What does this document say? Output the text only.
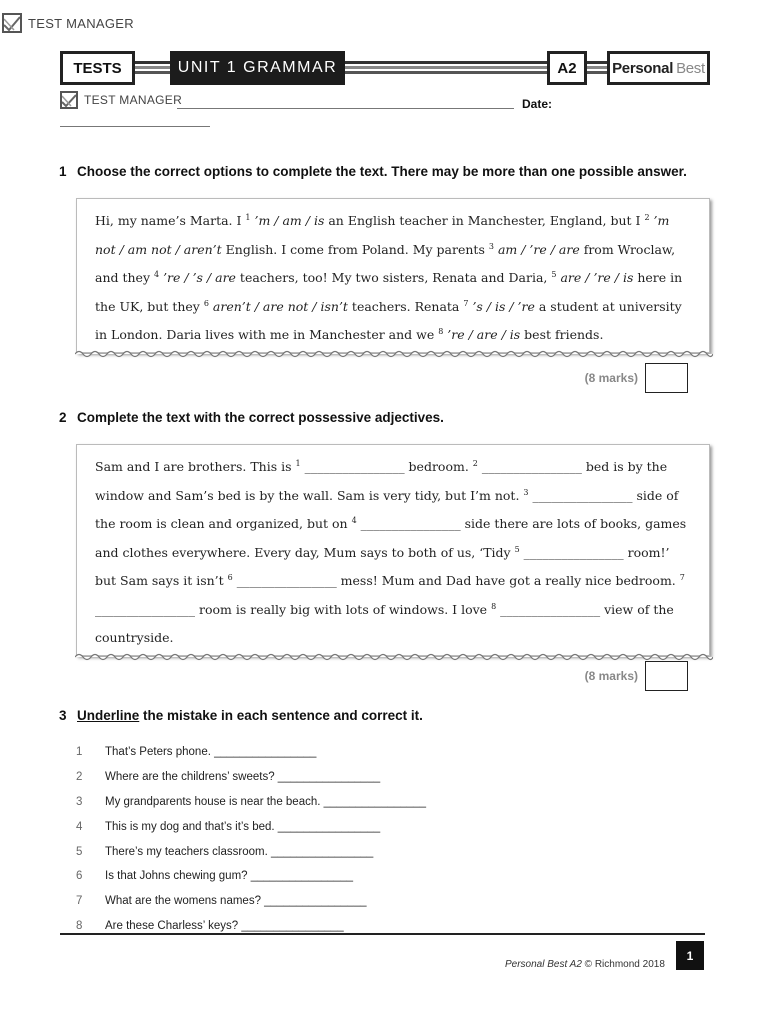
TEST MANAGER
TESTS	UNIT 1 GRAMMAR	A2	Personal Best
TEST MANAGER	Date:
1 Choose the correct options to complete the text. There may be more than one possible answer.

Hi, my name’s Marta. I $^1$ ’m / am / is an English teacher in Manchester, England, but I $^2$ ’m not / am not / aren’t English. I come from Poland. My parents $^3$ am / ’re / are from Wroclaw, and they $^4$ ’re / ’s / are teachers, too! My two sisters, Renata and Daria, $^5$ are / ’re / is here in the UK, but they $^6$ aren’t / are not / isn’t teachers. Renata $^7$ ’s / is / ’re a student at university in London. Daria lives with me in Manchester and we $^8$ ’re / are / is best friends.

(8 marks)
2 Complete the text with the correct possessive adjectives.

Sam and I are brothers. This is $^1$ ________________ bedroom. $^2$ ________________ bed is by the window and Sam’s bed is by the wall. Sam is very tidy, but I’m not. $^3$ ________________ side of the room is clean and organized, but on $^4$ ________________ side there are lots of books, games and clothes everywhere. Every day, Mum says to both of us, ‘Tidy $^5$ ________________ room!’ but Sam says it isn’t $^6$ ________________ mess! Mum and Dad have got a really nice bedroom. $^7$ ________________ room is really big with lots of windows. I love $^8$ ________________ view of the countryside.

(8 marks)
3 Underline the mistake in each sentence and correct it.
1	That’s Peters phone. ________________
2	Where are the childrens’ sweets? ________________
3	My grandparents house is near the beach. ________________
4	This is my dog and that’s it’s bed. ________________
5	There’s my teachers classroom. ________________
6	Is that Johns chewing gum? ________________
7	What are the womens names? ________________
8	Are these Charless’ keys? ________________
Personal Best A2 © Richmond 2018
1
